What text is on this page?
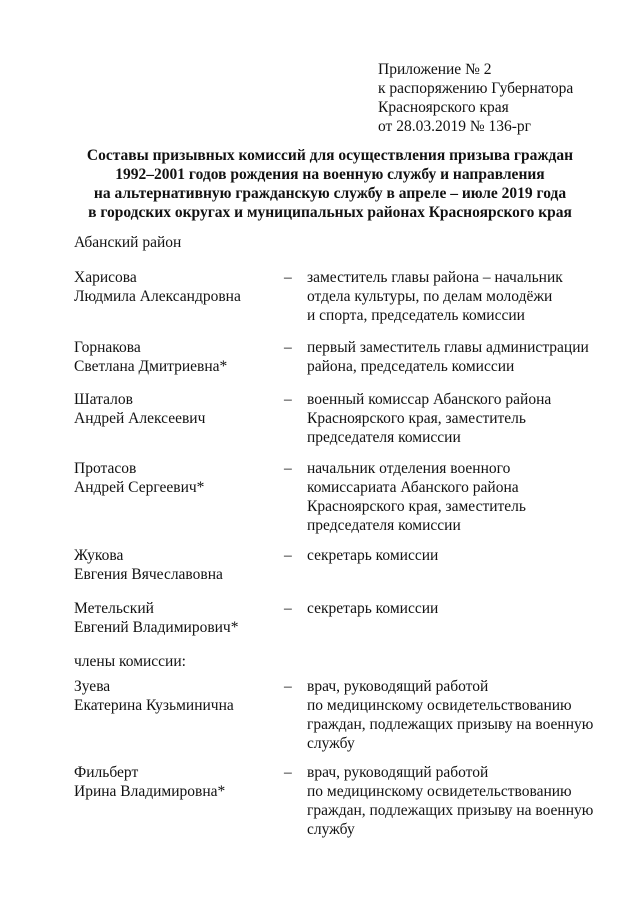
Приложение № 2
к распоряжению Губернатора
Красноярского края
от 28.03.2019 № 136-рг
Составы призывных комиссий для осуществления призыва граждан
1992–2001 годов рождения на военную службу и направления
на альтернативную гражданскую службу в апреле – июле 2019 года
в городских округах и муниципальных районах Красноярского края
Абанский район
Харисова
Людмила Александровна
– заместитель главы района – начальник
отдела культуры, по делам молодёжи
и спорта, председатель комиссии
Горнакова
Светлана Дмитриевна*
– первый заместитель главы администрации
района, председатель комиссии
Шаталов
Андрей Алексеевич
– военный комиссар Абанского района
Красноярского края, заместитель
председателя комиссии
Протасов
Андрей Сергеевич*
– начальник отделения военного
комиссариата Абанского района
Красноярского края, заместитель
председателя комиссии
Жукова
Евгения Вячеславовна
– секретарь комиссии
Метельский
Евгений Владимирович*
– секретарь комиссии
члены комиссии:
Зуева
Екатерина Кузьминична
– врач, руководящий работой
по медицинскому освидетельствованию
граждан, подлежащих призыву на военную
службу
Фильберт
Ирина Владимировна*
– врач, руководящий работой
по медицинскому освидетельствованию
граждан, подлежащих призыву на военную
службу
